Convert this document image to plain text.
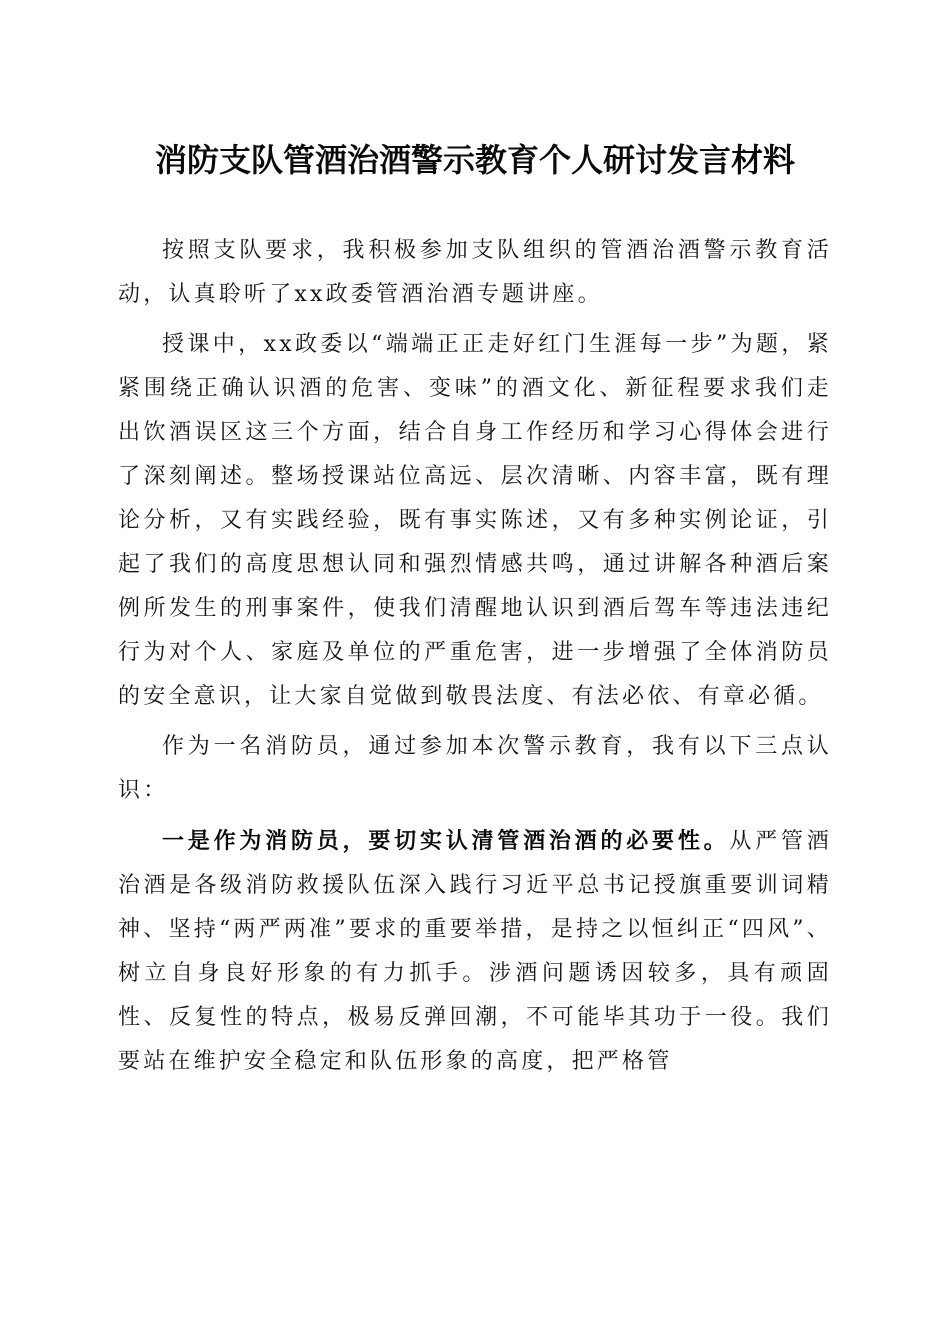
消防支队管酒治酒警示教育个人研讨发言材料

按照支队要求，我积极参加支队组织的管酒治酒警示教育活动，认真聆听了xx政委管酒治酒专题讲座。

授课中，xx政委以“端端正正走好红门生涯每一步”为题，紧紧围绕正确认识酒的危害、变味”的酒文化、新征程要求我们走出饮酒误区这三个方面，结合自身工作经历和学习心得体会进行了深刻阐述。整场授课站位高远、层次清晰、内容丰富，既有理论分析，又有实践经验，既有事实陈述，又有多种实例论证，引起了我们的高度思想认同和强烈情感共鸣，通过讲解各种酒后案例所发生的刑事案件，使我们清醒地认识到酒后驾车等违法违纪行为对个人、家庭及单位的严重危害，进一步增强了全体消防员的安全意识，让大家自觉做到敬畏法度、有法必依、有章必循。

作为一名消防员，通过参加本次警示教育，我有以下三点认识：

一是作为消防员，要切实认清管酒治酒的必要性。从严管酒治酒是各级消防救援队伍深入践行习近平总书记授旗重要训词精神、坚持“两严两准”要求的重要举措，是持之以恒纠正“四风”、树立自身良好形象的有力抓手。涉酒问题诱因较多，具有顽固性、反复性的特点，极易反弹回潮，不可能毕其功于一役。我们要站在维护安全稳定和队伍形象的高度，把严格管
